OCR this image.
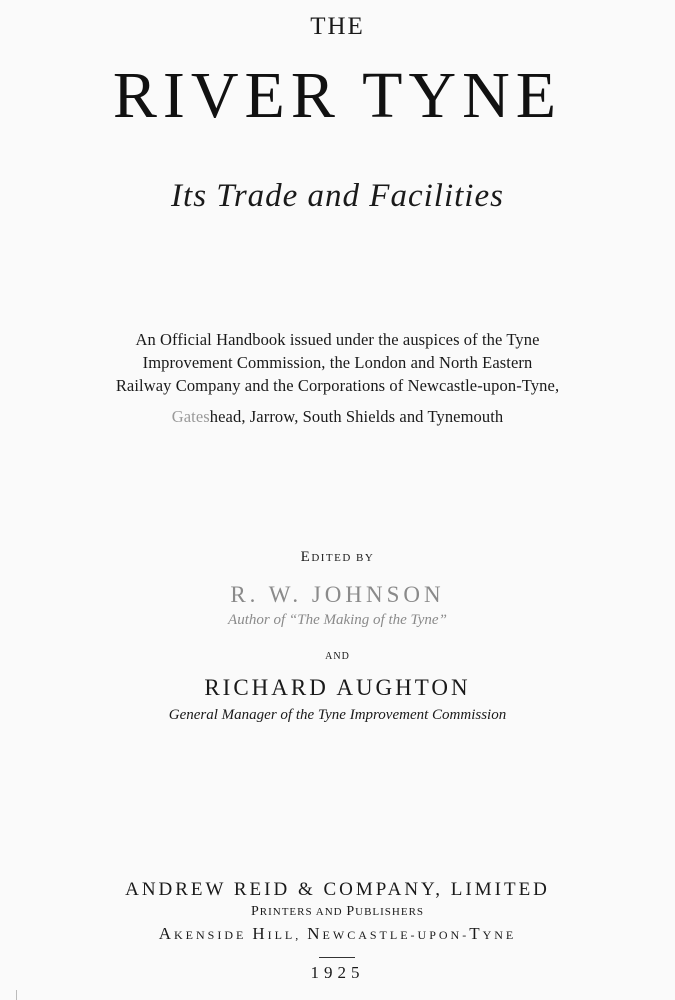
THE

RIVER TYNE

Its Trade and Facilities

An Official Handbook issued under the auspices of the Tyne

Improvement Commission, the London and North Eastern

Railway Company and the Corporations of Newcastle-upon-Tyne,

Gateshead, Jarrow, South Shields and Tynemouth

EDITED BY

R. W. JOHNSON

Author of “The Making of the Tyne”

AND

RICHARD AUGHTON

General Manager of the Tyne Improvement Commission

ANDREW REID & COMPANY, LIMITED

PRINTERS AND PUBLISHERS

AKENSIDE HILL, NEWCASTLE-UPON-TYNE

1925
